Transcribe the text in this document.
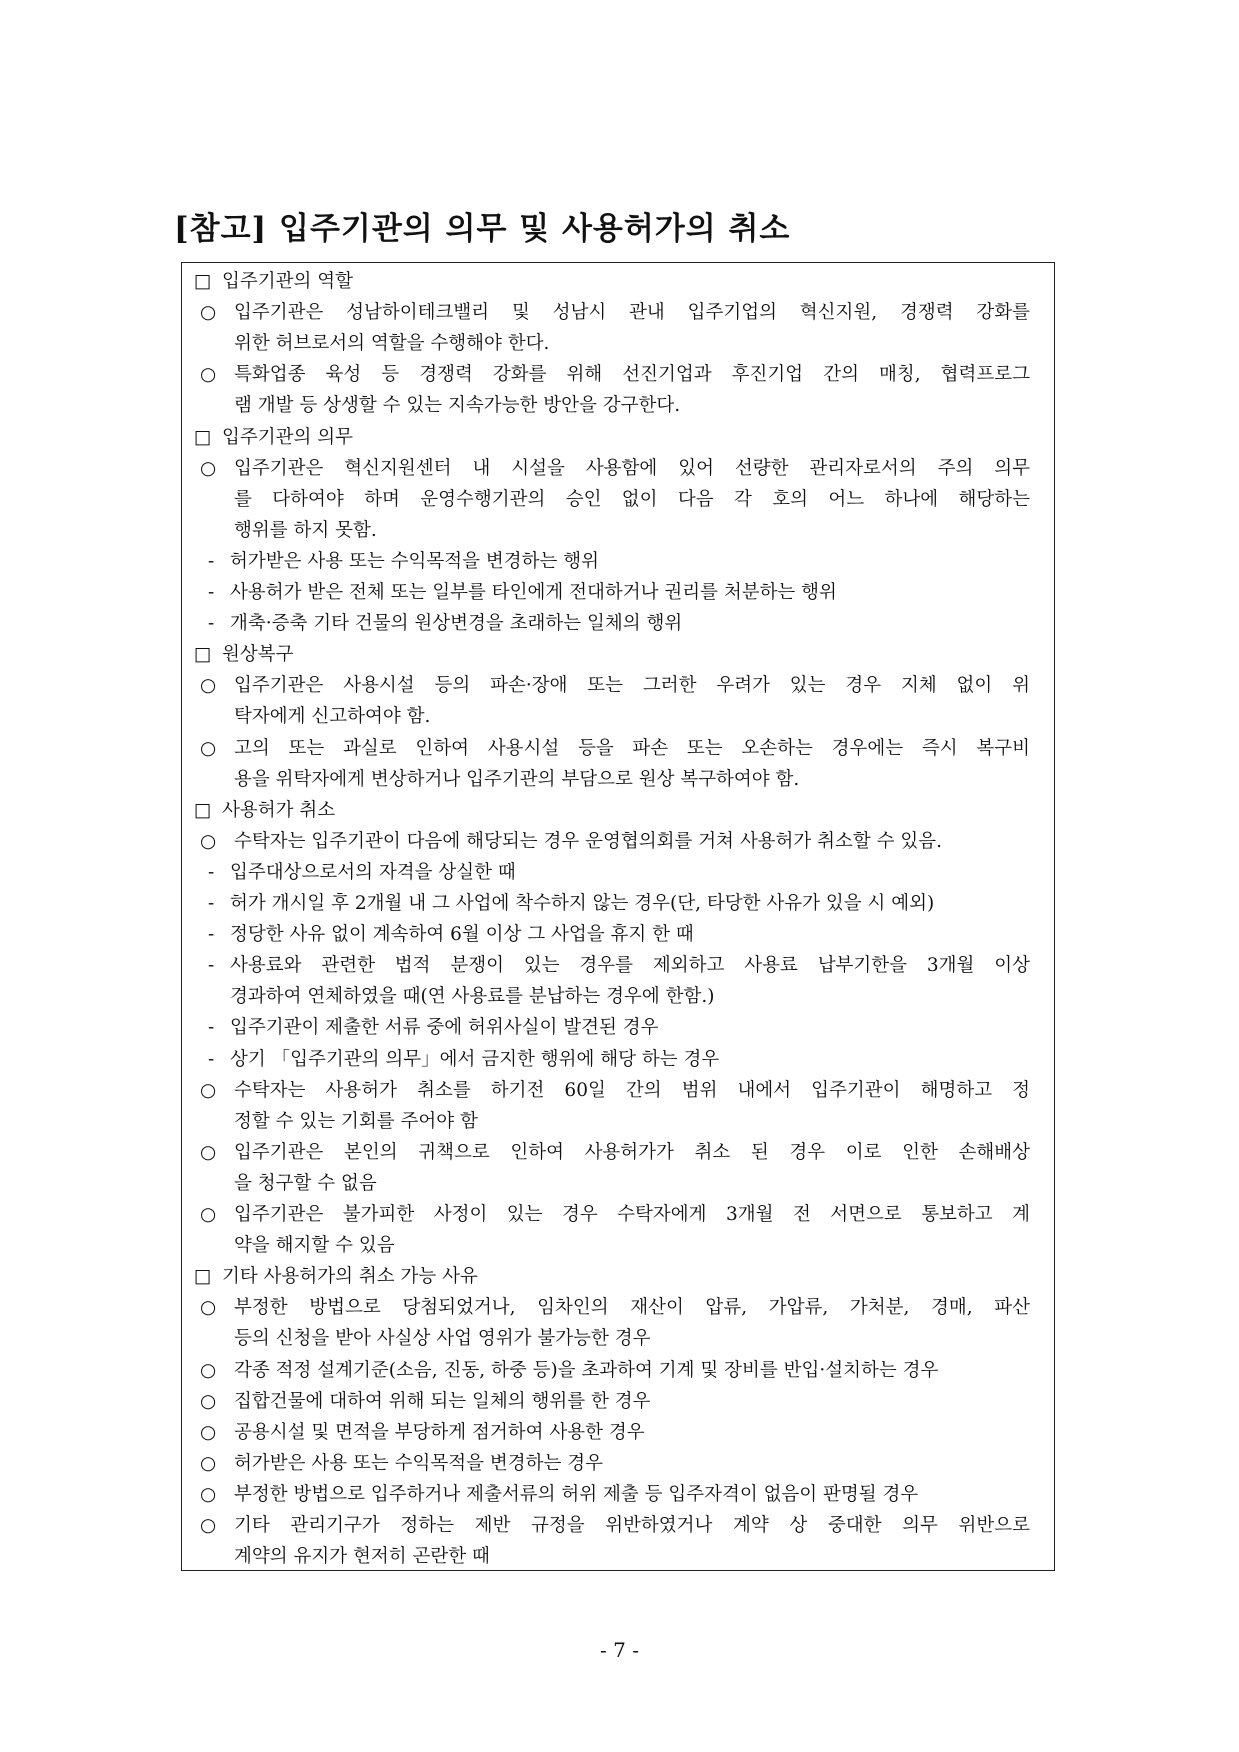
[참고] 입주기관의 의무 및 사용허가의 취소
□ 입주기관의 역할
○ 입주기관은 성남하이테크밸리 및 성남시 관내 입주기업의 혁신지원, 경쟁력 강화를
위한 허브로서의 역할을 수행해야 한다.
○ 특화업종 육성 등 경쟁력 강화를 위해 선진기업과 후진기업 간의 매칭, 협력프로그
램 개발 등 상생할 수 있는 지속가능한 방안을 강구한다.
□ 입주기관의 의무
○ 입주기관은 혁신지원센터 내 시설을 사용함에 있어 선량한 관리자로서의 주의 의무
를 다하여야 하며 운영수행기관의 승인 없이 다음 각 호의 어느 하나에 해당하는
행위를 하지 못함.
- 허가받은 사용 또는 수익목적을 변경하는 행위
- 사용허가 받은 전체 또는 일부를 타인에게 전대하거나 권리를 처분하는 행위
- 개축·증축 기타 건물의 원상변경을 초래하는 일체의 행위
□ 원상복구
○ 입주기관은 사용시설 등의 파손·장애 또는 그러한 우려가 있는 경우 지체 없이 위
탁자에게 신고하여야 함.
○ 고의 또는 과실로 인하여 사용시설 등을 파손 또는 오손하는 경우에는 즉시 복구비
용을 위탁자에게 변상하거나 입주기관의 부담으로 원상 복구하여야 함.
□ 사용허가 취소
○ 수탁자는 입주기관이 다음에 해당되는 경우 운영협의회를 거쳐 사용허가 취소할 수 있음.
- 입주대상으로서의 자격을 상실한 때
- 허가 개시일 후 2개월 내 그 사업에 착수하지 않는 경우(단, 타당한 사유가 있을 시 예외)
- 정당한 사유 없이 계속하여 6월 이상 그 사업을 휴지 한 때
- 사용료와 관련한 법적 분쟁이 있는 경우를 제외하고 사용료 납부기한을 3개월 이상
경과하여 연체하였을 때(연 사용료를 분납하는 경우에 한함.)
- 입주기관이 제출한 서류 중에 허위사실이 발견된 경우
- 상기 「입주기관의 의무」에서 금지한 행위에 해당 하는 경우
○ 수탁자는 사용허가 취소를 하기전 60일 간의 범위 내에서 입주기관이 해명하고 정
정할 수 있는 기회를 주어야 함
○ 입주기관은 본인의 귀책으로 인하여 사용허가가 취소 된 경우 이로 인한 손해배상
을 청구할 수 없음
○ 입주기관은 불가피한 사정이 있는 경우 수탁자에게 3개월 전 서면으로 통보하고 계
약을 해지할 수 있음
□ 기타 사용허가의 취소 가능 사유
○ 부정한 방법으로 당첨되었거나, 임차인의 재산이 압류, 가압류, 가처분, 경매, 파산
등의 신청을 받아 사실상 사업 영위가 불가능한 경우
○ 각종 적정 설계기준(소음, 진동, 하중 등)을 초과하여 기계 및 장비를 반입·설치하는 경우
○ 집합건물에 대하여 위해 되는 일체의 행위를 한 경우
○ 공용시설 및 면적을 부당하게 점거하여 사용한 경우
○ 허가받은 사용 또는 수익목적을 변경하는 경우
○ 부정한 방법으로 입주하거나 제출서류의 허위 제출 등 입주자격이 없음이 판명될 경우
○ 기타 관리기구가 정하는 제반 규정을 위반하였거나 계약 상 중대한 의무 위반으로
계약의 유지가 현저히 곤란한 때
- 7 -
